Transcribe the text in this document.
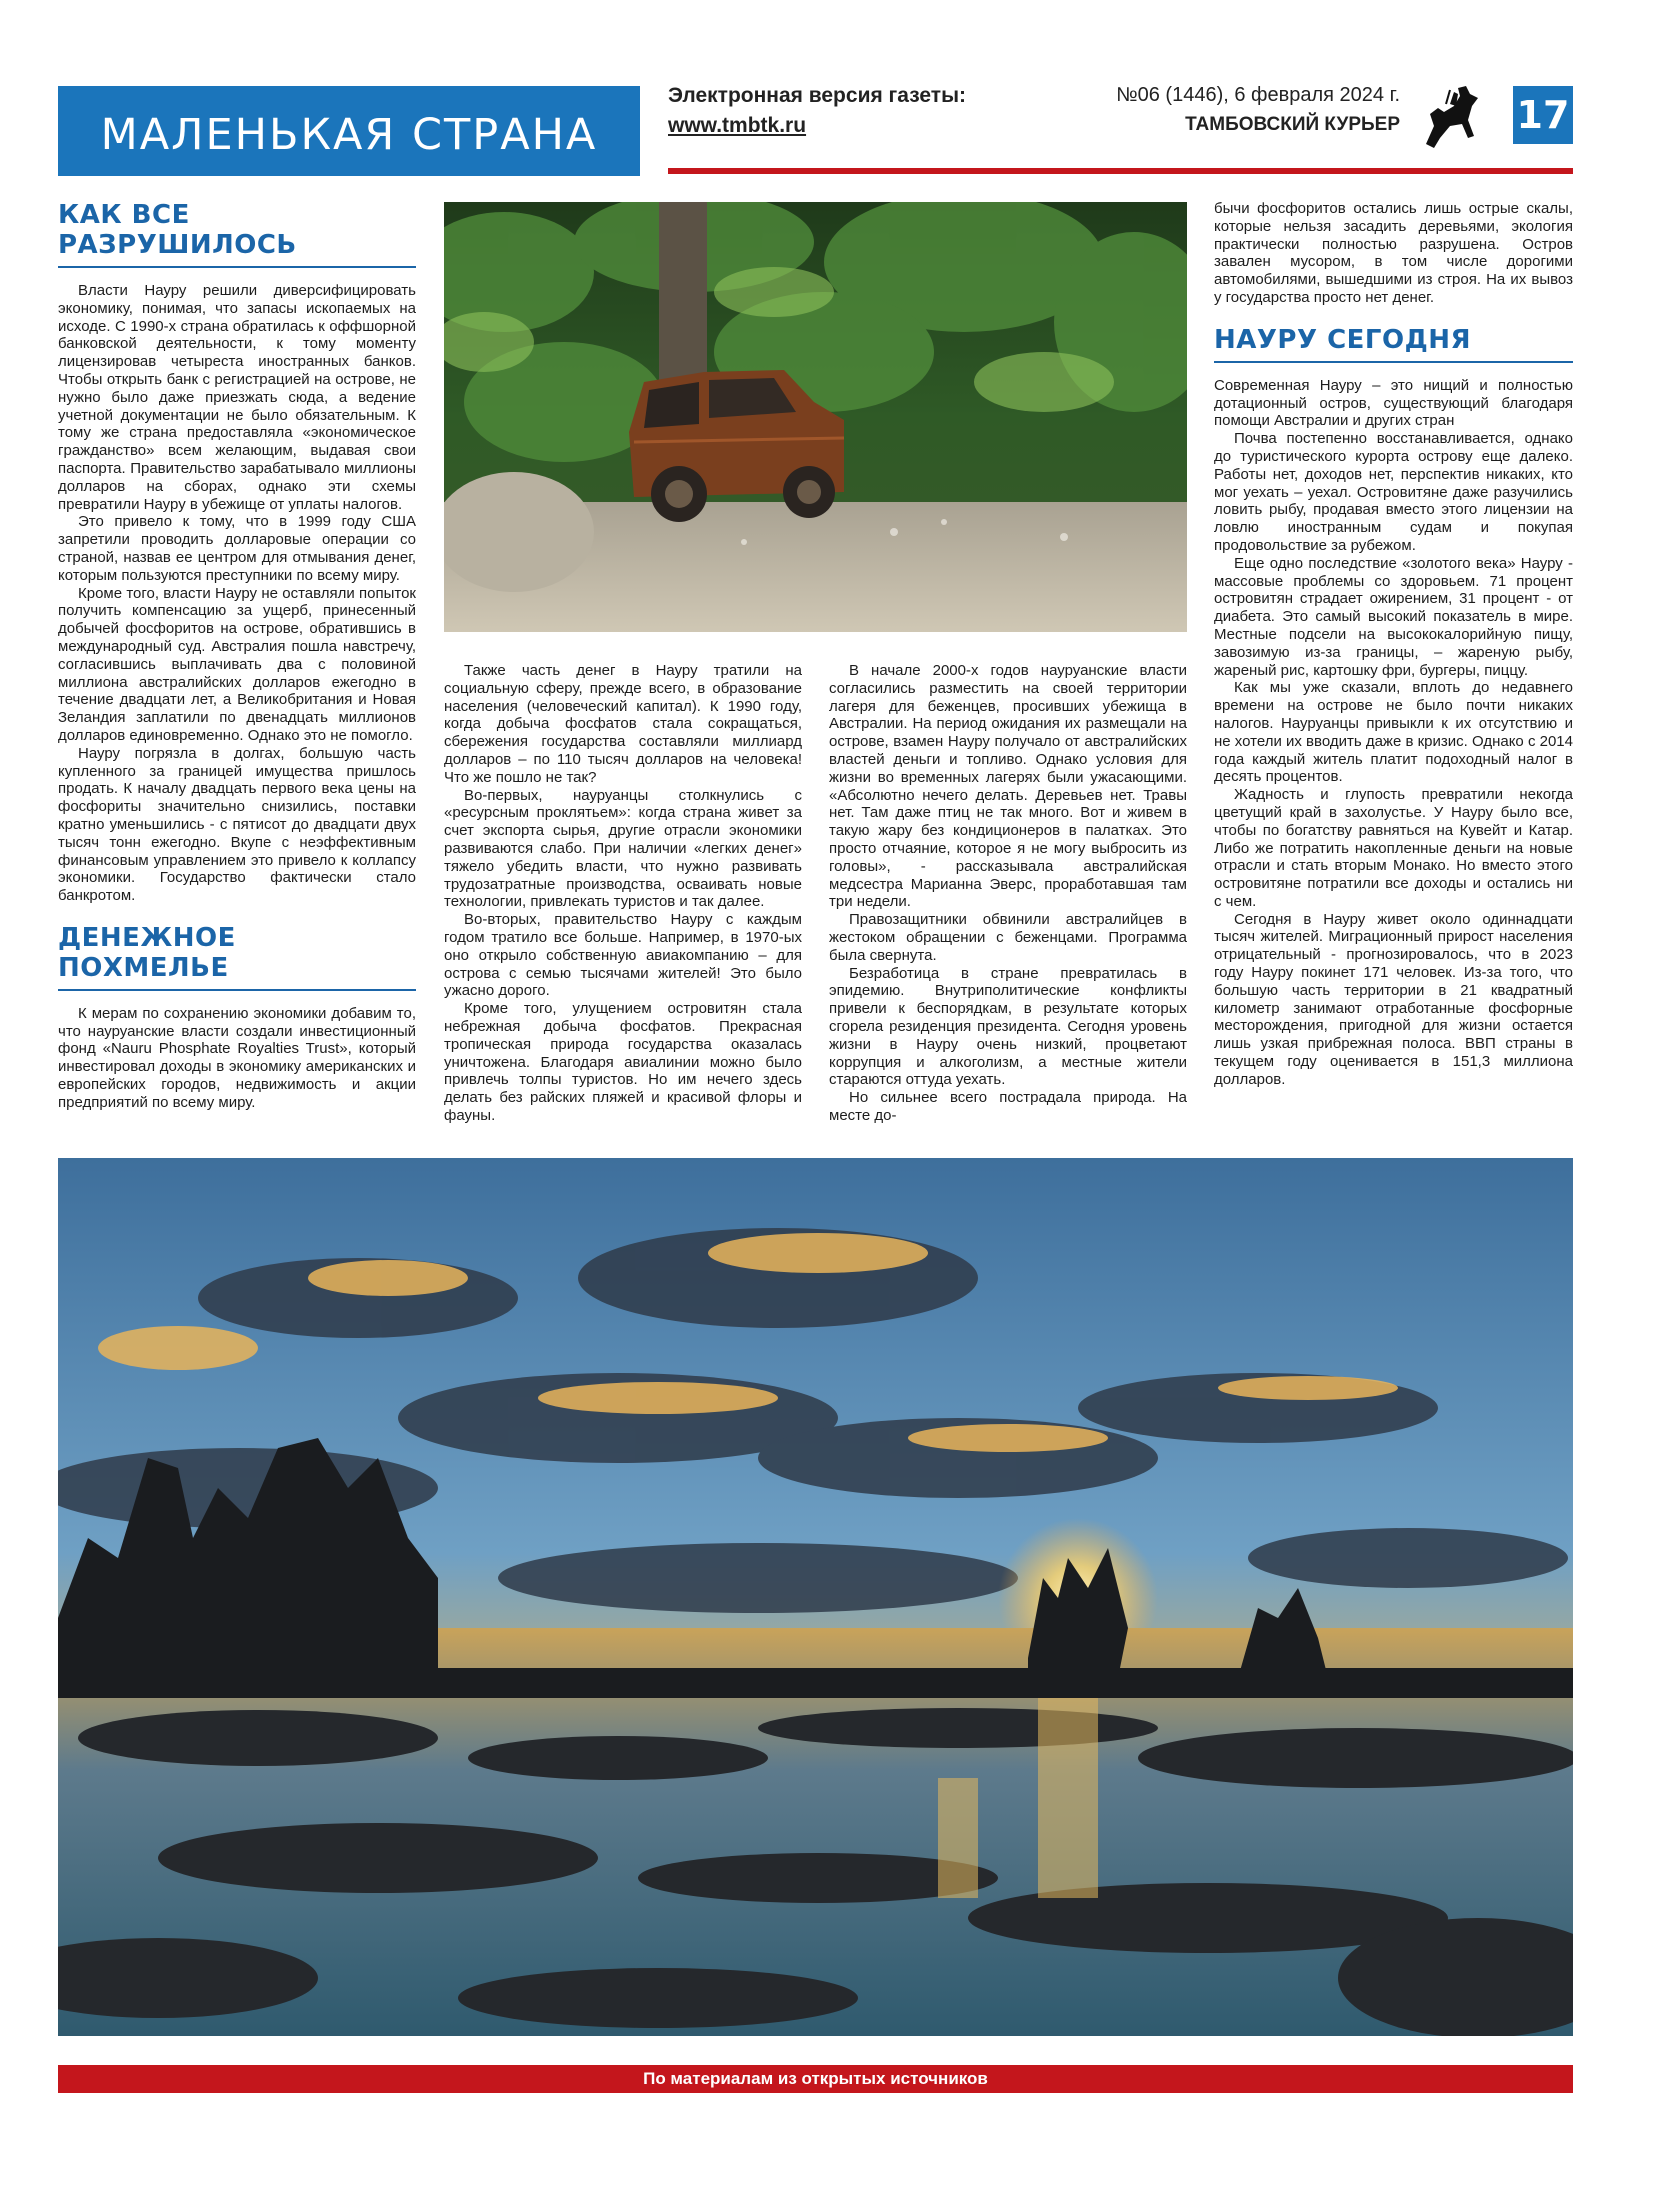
МАЛЕНЬКАЯ СТРАНА
Электронная версия газеты:
www.tmbtk.ru
№06 (1446), 6 февраля 2024 г.
ТАМБОВСКИЙ КУРЬЕР	17
КАК ВСЕ РАЗРУШИЛОСЬ

Власти Науру решили диверсифицировать экономику, понимая, что запасы ископаемых на исходе. С 1990-х страна обратилась к оффшорной банковской деятельности, к тому моменту лицензировав четыреста иностранных банков. Чтобы открыть банк с регистрацией на острове, не нужно было даже приезжать сюда, а ведение учетной документации не было обязательным. К тому же страна предоставляла «экономическое гражданство» всем желающим, выдавая свои паспорта. Правительство зарабатывало миллионы долларов на сборах, однако эти схемы превратили Науру в убежище от уплаты налогов.

Это привело к тому, что в 1999 году США запретили проводить долларовые операции со страной, назвав ее центром для отмывания денег, которым пользуются преступники по всему миру.

Кроме того, власти Науру не оставляли попыток получить компенсацию за ущерб, принесенный добычей фосфоритов на острове, обратившись в международный суд. Австралия пошла навстречу, согласившись выплачивать два с половиной миллиона австралийских долларов ежегодно в течение двадцати лет, а Великобритания и Новая Зеландия заплатили по двенадцать миллионов долларов единовременно. Однако это не помогло.

Науру погрязла в долгах, большую часть купленного за границей имущества пришлось продать. К началу двадцать первого века цены на фосфориты значительно снизились, поставки кратно уменьшились - с пятисот до двадцати двух тысяч тонн ежегодно. Вкупе с неэффективным финансовым управлением это привело к коллапсу экономики. Государство фактически стало банкротом.

ДЕНЕЖНОЕ ПОХМЕЛЬЕ

К мерам по сохранению экономики добавим то, что науруанские власти создали инвестиционный фонд «Nauru Phosphate Royalties Trust», который инвестировал доходы в экономику американских и европейских городов, недвижимость и акции предприятий по всему миру.

Также часть денег в Науру тратили на социальную сферу, прежде всего, в образование населения (человеческий капитал). К 1990 году, когда добыча фосфатов стала сокращаться, сбережения государства составляли миллиард долларов – по 110 тысяч долларов на человека! Что же пошло не так?

Во-первых, науруанцы столкнулись с «ресурсным проклятьем»: когда страна живет за счет экспорта сырья, другие отрасли экономики развиваются слабо. При наличии «легких денег» тяжело убедить власти, что нужно развивать трудозатратные производства, осваивать новые технологии, привлекать туристов и так далее.

Во-вторых, правительство Науру с каждым годом тратило все больше. Например, в 1970-ых оно открыло собственную авиакомпанию – для острова с семью тысячами жителей! Это было ужасно дорого.

Кроме того, улущением островитян стала небрежная добыча фосфатов. Прекрасная тропическая природа государства оказалась уничтожена. Благодаря авиалинии можно было привлечь толпы туристов. Но им нечего здесь делать без райских пляжей и красивой флоры и фауны.

В начале 2000-х годов науруанские власти согласились разместить на своей территории лагеря для беженцев, просивших убежища в Австралии. На период ожидания их размещали на острове, взамен Науру получало от австралийских властей деньги и топливо. Однако условия для жизни во временных лагерях были ужасающими. «Абсолютно нечего делать. Деревьев нет. Травы нет. Там даже птиц не так много. Вот и живем в такую жару без кондиционеров в палатках. Это просто отчаяние, которое я не могу выбросить из головы», - рассказывала австралийская медсестра Марианна Эверс, проработавшая там три недели.

Правозащитники обвинили австралийцев в жестоком обращении с беженцами. Программа была свернута.

Безработица в стране превратилась в эпидемию. Внутриполитические конфликты привели к беспорядкам, в результате которых сгорела резиденция президента. Сегодня уровень жизни в Науру очень низкий, процветают коррупция и алкоголизм, а местные жители стараются оттуда уехать.

Но сильнее всего пострадала природа. На месте до-

бычи фосфоритов остались лишь острые скалы, которые нельзя засадить деревьями, экология практически полностью разрушена. Остров завален мусором, в том числе дорогими автомобилями, вышедшими из строя. На их вывоз у государства просто нет денег.

НАУРУ СЕГОДНЯ

Современная Науру – это нищий и полностью дотационный остров, существующий благодаря помощи Австралии и других стран

Почва постепенно восстанавливается, однако до туристического курорта острову еще далеко. Работы нет, доходов нет, перспектив никаких, кто мог уехать – уехал. Островитяне даже разучились ловить рыбу, продавая вместо этого лицензии на ловлю иностранным судам и покупая продовольствие за рубежом.

Еще одно последствие «золотого века» Науру - массовые проблемы со здоровьем. 71 процент островитян страдает ожирением, 31 процент - от диабета. Это самый высокий показатель в мире. Местные подсели на высококалорийную пищу, завозимую из-за границы, – жареную рыбу, жареный рис, картошку фри, бургеры, пиццу.

Как мы уже сказали, вплоть до недавнего времени на острове не было почти никаких налогов. Науруанцы привыкли к их отсутствию и не хотели их вводить даже в кризис. Однако с 2014 года каждый житель платит подоходный налог в десять процентов.

Жадность и глупость превратили некогда цветущий край в захолустье. У Науру было все, чтобы по богатству равняться на Кувейт и Катар. Либо же потратить накопленные деньги на новые отрасли и стать вторым Монако. Но вместо этого островитяне потратили все доходы и остались ни с чем.

Сегодня в Науру живет около одиннадцати тысяч жителей. Миграционный прирост населения отрицательный - прогнозировалось, что в 2023 году Науру покинет 171 человек. Из-за того, что большую часть территории в 21 квадратный километр занимают отработанные фосфорные месторождения, пригодной для жизни остается лишь узкая прибрежная полоса. ВВП страны в текущем году оценивается в 151,3 миллиона долларов.

По материалам из открытых источников
